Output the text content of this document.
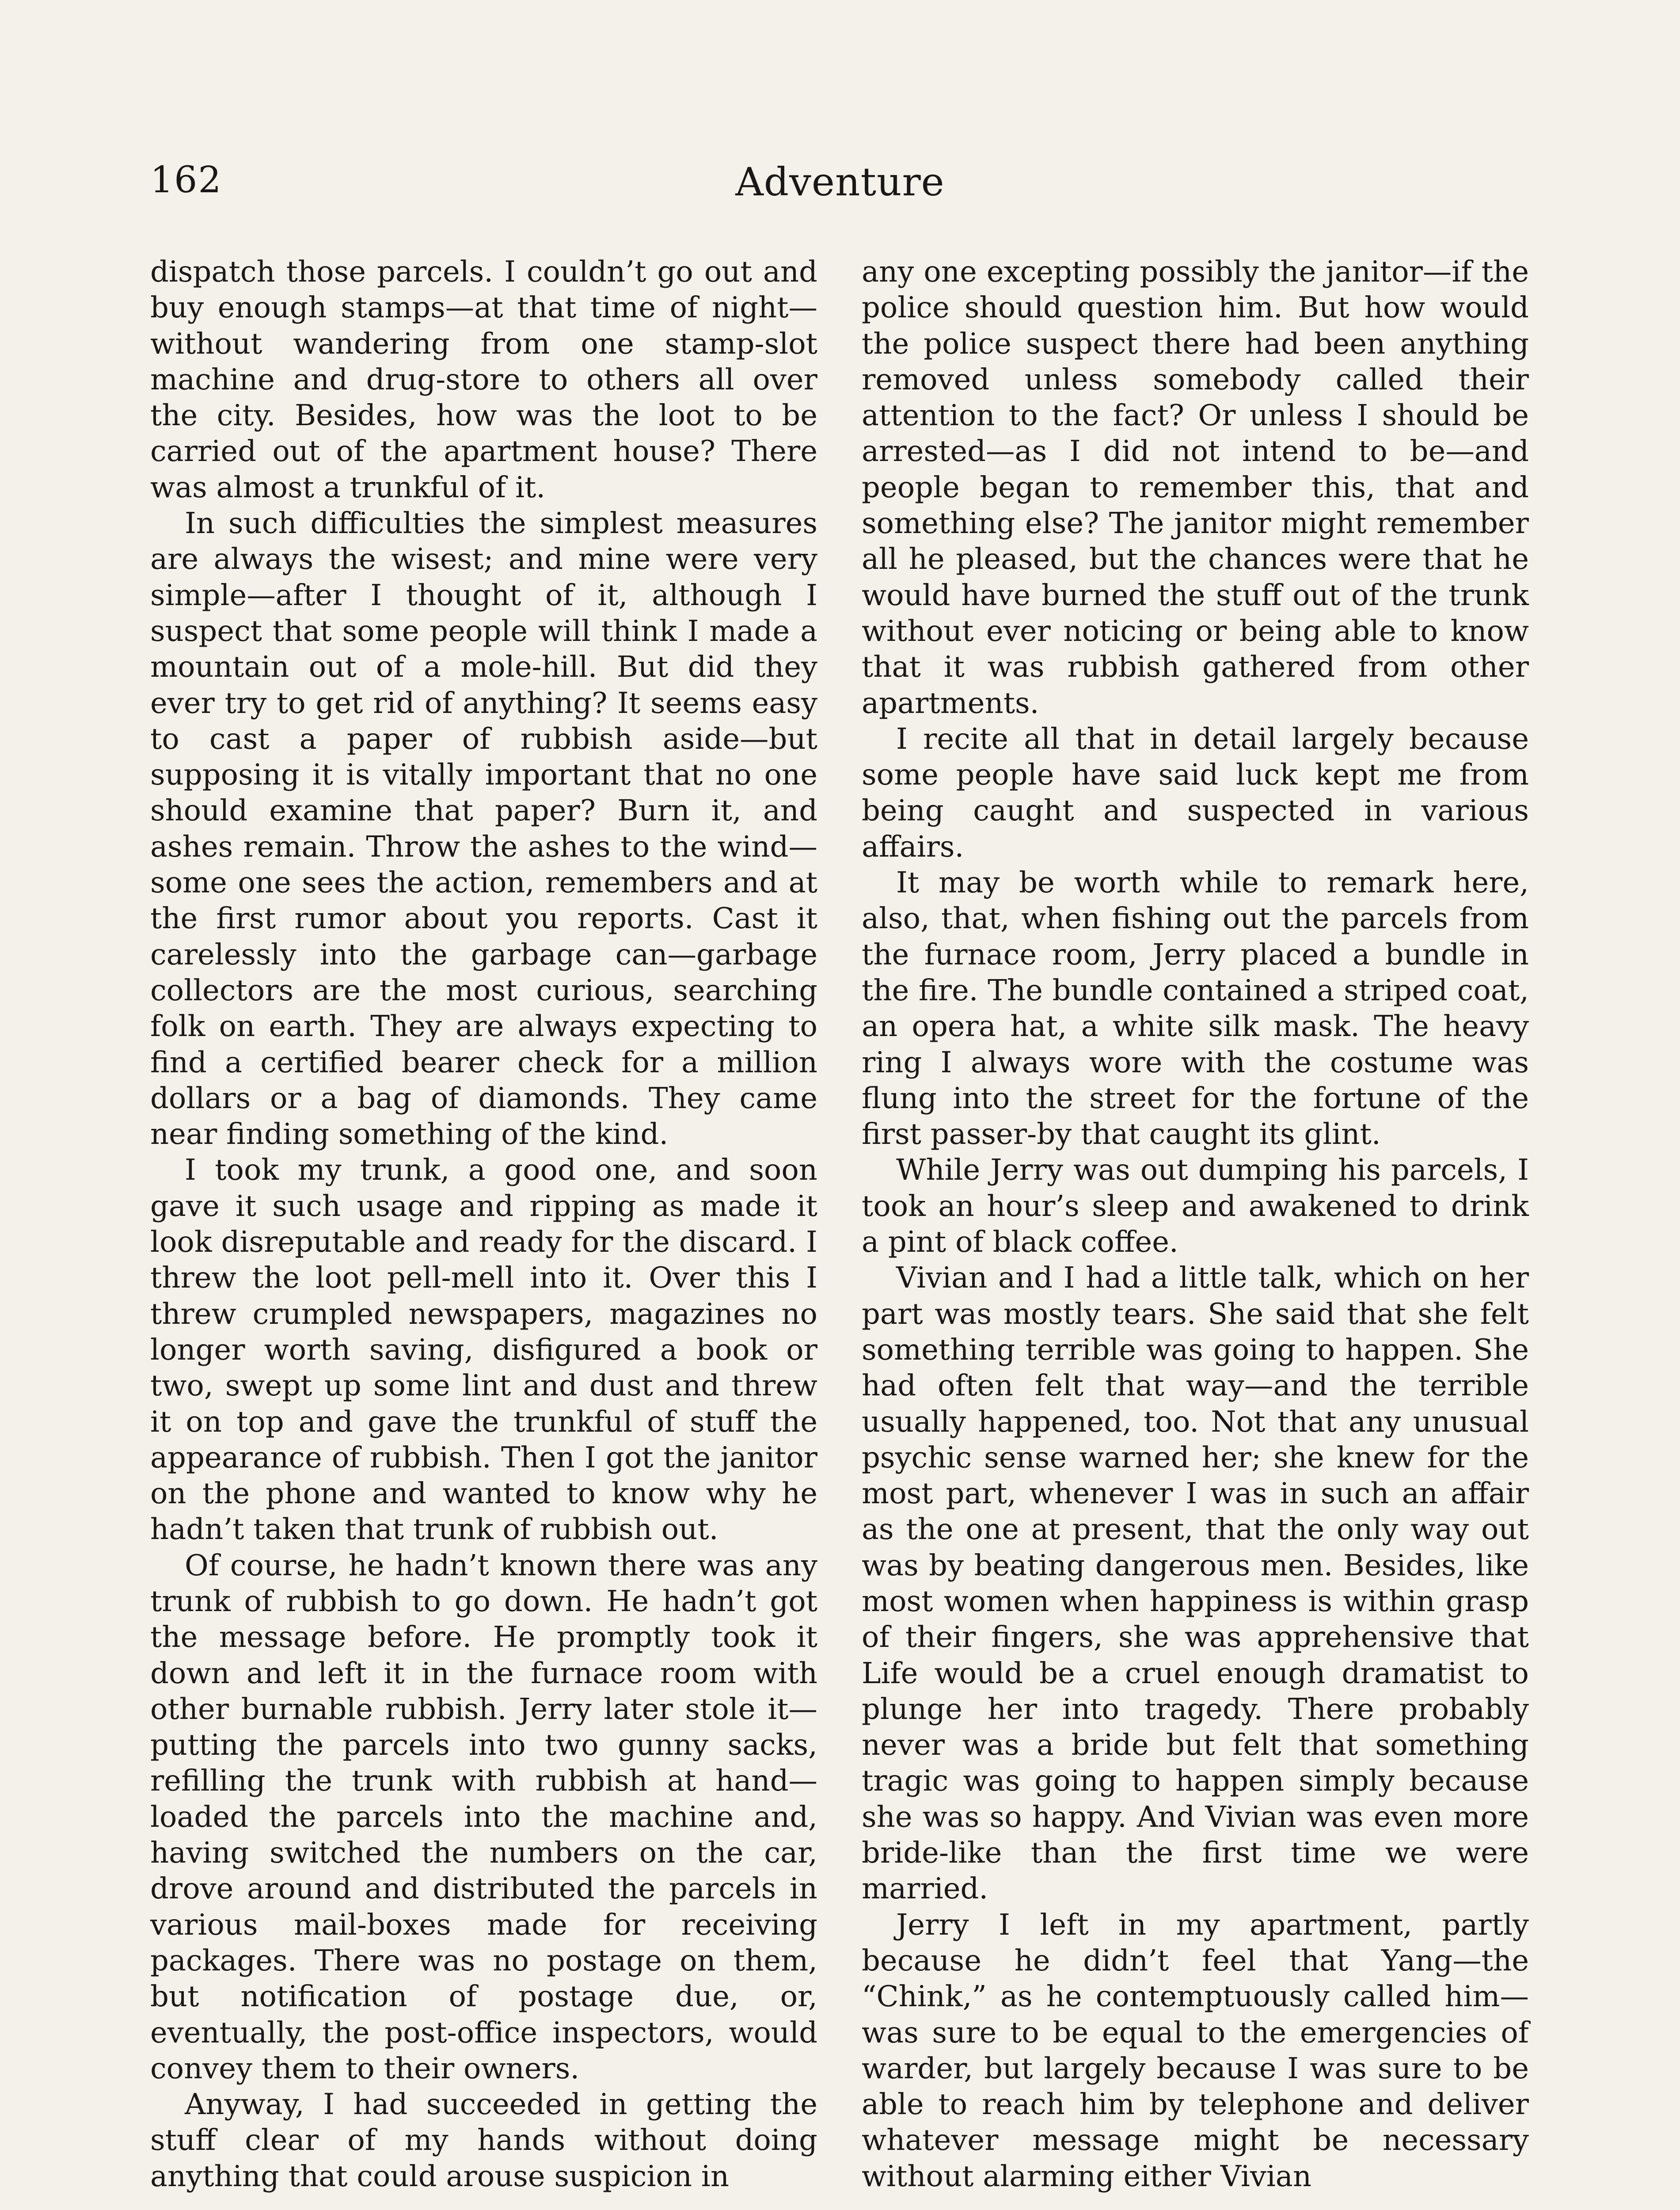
162	Adventure

dispatch those parcels. I couldn’t go out and buy enough stamps—at that time of night—without wandering from one stamp-slot machine and drug-store to others all over the city. Besides, how was the loot to be carried out of the apartment house? There was almost a trunkful of it.

In such difficulties the simplest measures are always the wisest; and mine were very simple—after I thought of it, although I suspect that some people will think I made a mountain out of a mole-hill. But did they ever try to get rid of anything? It seems easy to cast a paper of rubbish aside—but supposing it is vitally important that no one should examine that paper? Burn it, and ashes remain. Throw the ashes to the wind—some one sees the action, remembers and at the first rumor about you reports. Cast it carelessly into the garbage can—garbage collectors are the most curious, searching folk on earth. They are always expecting to find a certified bearer check for a million dollars or a bag of diamonds. They came near finding something of the kind.

I took my trunk, a good one, and soon gave it such usage and ripping as made it look disreputable and ready for the discard. I threw the loot pell-mell into it. Over this I threw crumpled newspapers, magazines no longer worth saving, disfigured a book or two, swept up some lint and dust and threw it on top and gave the trunkful of stuff the appearance of rubbish. Then I got the janitor on the phone and wanted to know why he hadn’t taken that trunk of rubbish out.

Of course, he hadn’t known there was any trunk of rubbish to go down. He hadn’t got the message before. He promptly took it down and left it in the furnace room with other burnable rubbish. Jerry later stole it—putting the parcels into two gunny sacks, refilling the trunk with rubbish at hand—loaded the parcels into the machine and, having switched the numbers on the car, drove around and distributed the parcels in various mail-boxes made for receiving packages. There was no postage on them, but notification of postage due, or, eventually, the post-office inspectors, would convey them to their owners.

Anyway, I had succeeded in getting the stuff clear of my hands without doing anything that could arouse suspicion in

any one excepting possibly the janitor—if the police should question him. But how would the police suspect there had been anything removed unless somebody called their attention to the fact? Or unless I should be arrested—as I did not intend to be—and people began to remember this, that and something else? The janitor might remember all he pleased, but the chances were that he would have burned the stuff out of the trunk without ever noticing or being able to know that it was rubbish gathered from other apartments.

I recite all that in detail largely because some people have said luck kept me from being caught and suspected in various affairs.

It may be worth while to remark here, also, that, when fishing out the parcels from the furnace room, Jerry placed a bundle in the fire. The bundle contained a striped coat, an opera hat, a white silk mask. The heavy ring I always wore with the costume was flung into the street for the fortune of the first passer-by that caught its glint.

While Jerry was out dumping his parcels, I took an hour’s sleep and awakened to drink a pint of black coffee.

Vivian and I had a little talk, which on her part was mostly tears. She said that she felt something terrible was going to happen. She had often felt that way—and the terrible usually happened, too. Not that any unusual psychic sense warned her; she knew for the most part, whenever I was in such an affair as the one at present, that the only way out was by beating dangerous men. Besides, like most women when happiness is within grasp of their fingers, she was apprehensive that Life would be a cruel enough dramatist to plunge her into tragedy. There probably never was a bride but felt that something tragic was going to happen simply because she was so happy. And Vivian was even more bride-like than the first time we were married.

Jerry I left in my apartment, partly because he didn’t feel that Yang—the “Chink,” as he contemptuously called him—was sure to be equal to the emergencies of warder, but largely because I was sure to be able to reach him by telephone and deliver whatever message might be necessary without alarming either Vivian
